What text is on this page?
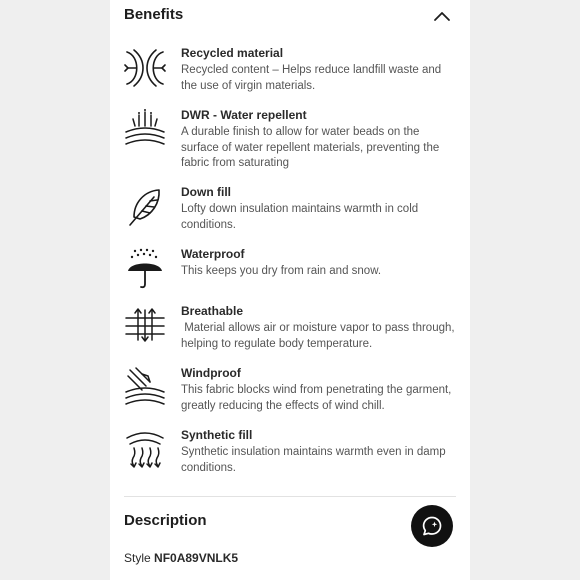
Benefits
Recycled material
Recycled content – Helps reduce landfill waste and
the use of virgin materials.
DWR - Water repellent
A durable finish to allow for water beads on the
surface of water repellent materials, preventing the
fabric from saturating
Down fill
Lofty down insulation maintains warmth in cold
conditions.
Waterproof
This keeps you dry from rain and snow.
Breathable
Material allows air or moisture vapor to pass through,
helping to regulate body temperature.
Windproof
This fabric blocks wind from penetrating the garment,
greatly reducing the effects of wind chill.
Synthetic fill
Synthetic insulation maintains warmth even in damp
conditions.
Description
Style NF0A89VNLK5
